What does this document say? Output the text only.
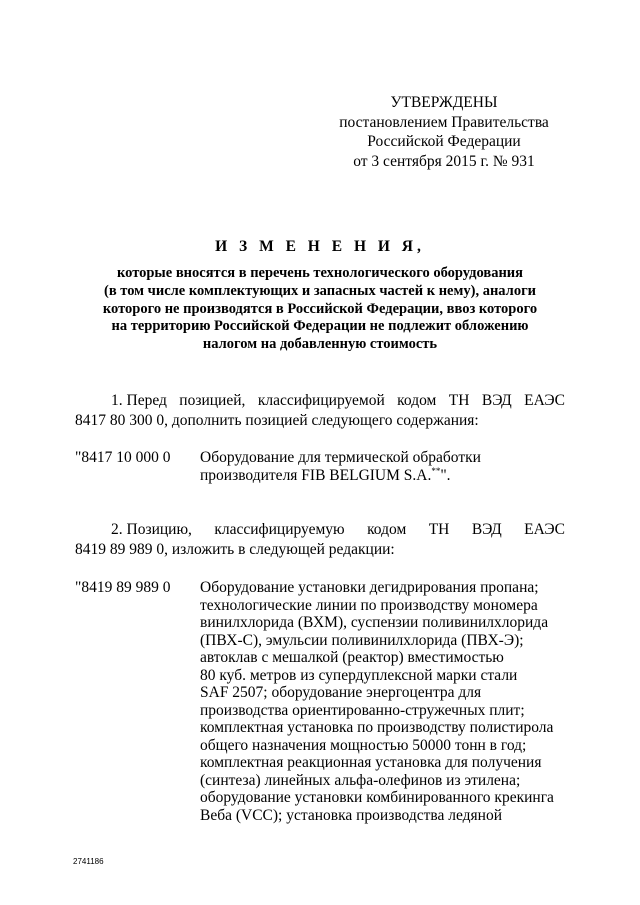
УТВЕРЖДЕНЫ
постановлением Правительства
Российской Федерации
от 3 сентября 2015 г. № 931
И З М Е Н Е Н И Я,
которые вносятся в перечень технологического оборудования
(в том числе комплектующих и запасных частей к нему), аналоги
которого не производятся в Российской Федерации, ввоз которого
на территорию Российской Федерации не подлежит обложению
налогом на добавленную стоимость
1. Перед позицией, классифицируемой кодом ТН ВЭД ЕАЭС
8417 80 300 0, дополнить позицией следующего содержания:
"8417 10 000 0 Оборудование для термической обработки
производителя FIB BELGIUM S.A.**".
2. Позицию, классифицируемую кодом ТН ВЭД ЕАЭС
8419 89 989 0, изложить в следующей редакции:
"8419 89 989 0 Оборудование установки дегидрирования пропана;
технологические линии по производству мономера
винилхлорида (ВХМ), суспензии поливинилхлорида
(ПВХ-С), эмульсии поливинилхлорида (ПВХ-Э);
автоклав с мешалкой (реактор) вместимостью
80 куб. метров из супердуплексной марки стали
SAF 2507; оборудование энергоцентра для
производства ориентированно-стружечных плит;
комплектная установка по производству полистирола
общего назначения мощностью 50000 тонн в год;
комплектная реакционная установка для получения
(синтеза) линейных альфа-олефинов из этилена;
оборудование установки комбинированного крекинга
Веба (VCC); установка производства ледяной
2741186
